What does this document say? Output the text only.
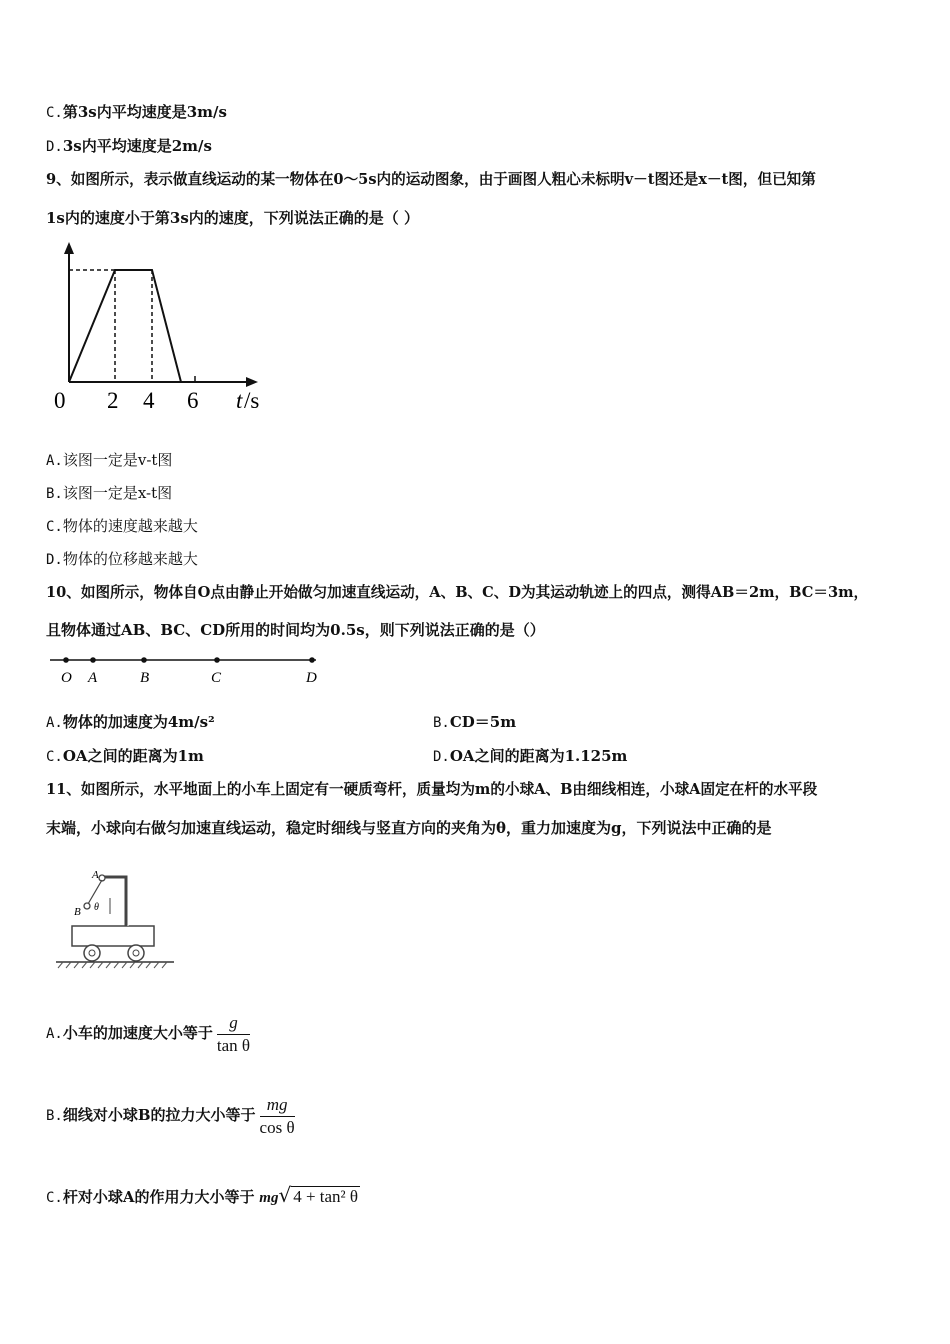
C.第3s内平均速度是3m/s
D.3s内平均速度是2m/s
9、如图所示，表示做直线运动的某一物体在0～5s内的运动图象，由于画图人粗心未标明v－t图还是x－t图，但已知第
1s内的速度小于第3s内的速度，下列说法正确的是（ ）
0 2 4 6 t /s
A.该图一定是v-t图
B.该图一定是x-t图
C.物体的速度越来越大
D.物体的位移越来越大
10、如图所示，物体自O点由静止开始做匀加速直线运动，A、B、C、D为其运动轨迹上的四点，测得AB＝2m，BC＝3m，
且物体通过AB、BC、CD所用的时间均为0.5s，则下列说法正确的是（）
O A	B	C	D
A.物体的加速度为4m/s²	B.CD＝5m
C.OA之间的距离为1m	D.OA之间的距离为1.125m
11、如图所示，水平地面上的小车上固定有一硬质弯杆，质量均为m的小球A、B由细线相连，小球A固定在杆的水平段
末端，小球向右做匀加速直线运动，稳定时细线与竖直方向的夹角为θ，重力加速度为g，下列说法中正确的是
A
B θ
A.小车的加速度大小等于 $\frac{g}{\text{tan θ}}$
B.细线对小球B的拉力大小等于 $\frac{mg}{\text{cos θ}}$
C.杆对小球A的作用力大小等于 mg√ 4 + tan² θ
